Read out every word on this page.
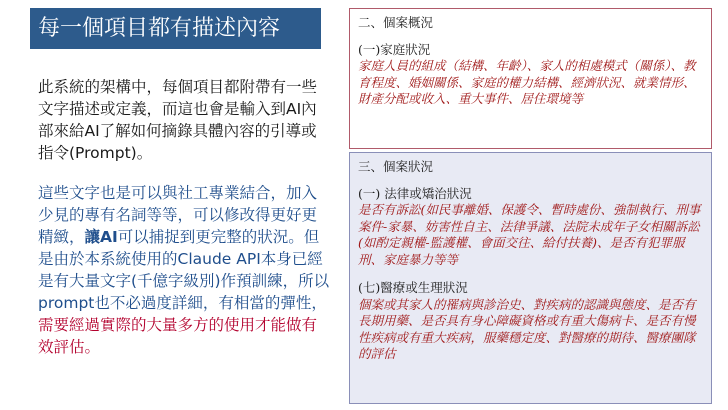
每一個項目都有描述內容
此系統的架構中，每個項目都附帶有一些文字描述或定義，而這也會是輸入到AI內部來給AI了解如何摘錄具體內容的引導或指令(Prompt)。
這些文字也是可以與社工專業結合，加入少見的專有名詞等等，可以修改得更好更精緻，讓AI可以捕捉到更完整的狀況。但是由於本系統使用的Claude API本身已經是有大量文字(千億字級別)作預訓練，所以prompt也不必過度詳細，有相當的彈性，需要經過實際的大量多方的使用才能做有效評估。
二、個案概況
(一)家庭狀況
家庭人員的組成（結構、年齡）、家人的相處模式（關係）、教育程度、婚姻關係、家庭的權力結構、經濟狀況、就業情形、財產分配或收入、重大事件、居住環境等
三、個案狀況
(一) 法律或矯治狀況
是否有訴訟(如民事離婚、保護令、暫時處份、強制執行、刑事案件-家暴、妨害性自主、法律爭議、法院未成年子女相關訴訟(如酌定親權-監護權、會面交往、給付扶養)、是否有犯罪服刑、家庭暴力等等
(七)醫療或生理狀況
個案或其家人的罹病與診治史、對疾病的認識與態度、是否有長期用藥、是否具有身心障礙資格或有重大傷病卡、是否有慢性疾病或有重大疾病，服藥穩定度、對醫療的期待、醫療團隊的評估
